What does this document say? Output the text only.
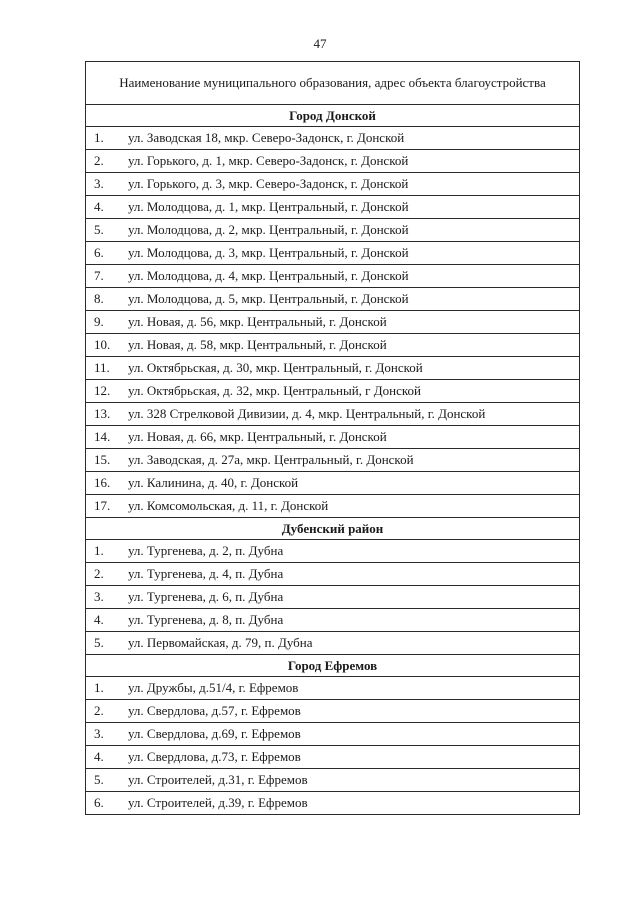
47
Наименование муниципального образования, адрес объекта благоустройства	
Город Донской	
1.	ул. Заводская 18, мкр. Северо-Задонск, г. Донской
2.	ул. Горького, д. 1, мкр. Северо-Задонск, г. Донской
3.	ул. Горького, д. 3, мкр. Северо-Задонск, г. Донской
4.	ул. Молодцова, д. 1, мкр. Центральный, г. Донской
5.	ул. Молодцова, д. 2, мкр. Центральный, г. Донской
6.	ул. Молодцова, д. 3, мкр. Центральный, г. Донской
7.	ул. Молодцова, д. 4, мкр. Центральный, г. Донской
8.	ул. Молодцова, д. 5, мкр. Центральный, г. Донской
9.	ул. Новая, д. 56, мкр. Центральный, г. Донской
10.	ул. Новая, д. 58, мкр. Центральный, г. Донской
11.	ул. Октябрьская, д. 30, мкр. Центральный, г. Донской
12.	ул. Октябрьская, д. 32, мкр. Центральный, г Донской
13.	ул. 328 Стрелковой Дивизии, д. 4, мкр. Центральный, г. Донской
14.	ул. Новая, д. 66, мкр. Центральный, г. Донской
15.	ул. Заводская, д. 27а, мкр. Центральный, г. Донской
16.	ул. Калинина, д. 40, г. Донской
17.	ул. Комсомольская, д. 11, г. Донской
Дубенский район	
1.	ул. Тургенева, д. 2, п. Дубна
2.	ул. Тургенева, д. 4, п. Дубна
3.	ул. Тургенева, д. 6, п. Дубна
4.	ул. Тургенева, д. 8, п. Дубна
5.	ул. Первомайская, д. 79, п. Дубна
Город Ефремов	
1.	ул. Дружбы, д.51/4, г. Ефремов
2.	ул. Свердлова, д.57, г. Ефремов
3.	ул. Свердлова, д.69, г. Ефремов
4.	ул. Свердлова, д.73, г. Ефремов
5.	ул. Строителей, д.31, г. Ефремов
6.	ул. Строителей, д.39, г. Ефремов
